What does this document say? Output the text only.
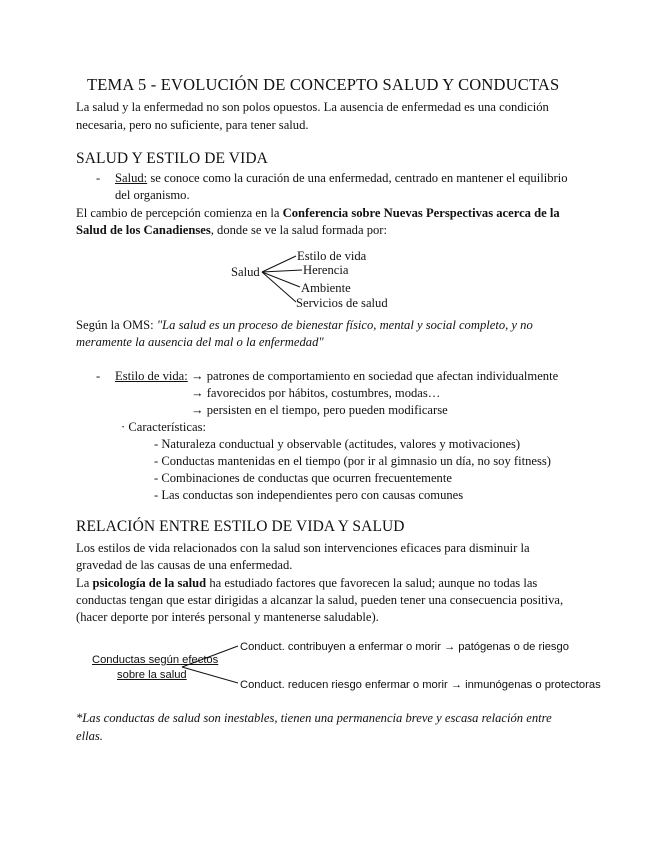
TEMA 5 - EVOLUCIÓN DE CONCEPTO SALUD Y CONDUCTAS
La salud y la enfermedad no son polos opuestos. La ausencia de enfermedad es una condición
necesaria, pero no suficiente, para tener salud.
SALUD Y ESTILO DE VIDA
- Salud: se conoce como la curación de una enfermedad, centrado en mantener el equilibrio
del organismo.
El cambio de percepción comienza en la Conferencia sobre Nuevas Perspectivas acerca de la
Salud de los Canadienses, donde se ve la salud formada por:
Salud
Estilo de vida
Herencia
Ambiente
Servicios de salud
Según la OMS: "La salud es un proceso de bienestar físico, mental y social completo, y no
meramente la ausencia del mal o la enfermedad"
- Estilo de vida: → patrones de comportamiento en sociedad que afectan individualmente
→ favorecidos por hábitos, costumbres, modas…
→ persisten en el tiempo, pero pueden modificarse
· Características:
- Naturaleza conductual y observable (actitudes, valores y motivaciones)
- Conductas mantenidas en el tiempo (por ir al gimnasio un día, no soy fitness)
- Combinaciones de conductas que ocurren frecuentemente
- Las conductas son independientes pero con causas comunes
RELACIÓN ENTRE ESTILO DE VIDA Y SALUD
Los estilos de vida relacionados con la salud son intervenciones eficaces para disminuir la
gravedad de las causas de una enfermedad.
La psicología de la salud ha estudiado factores que favorecen la salud; aunque no todas las
conductas tengan que estar dirigidas a alcanzar la salud, pueden tener una consecuencia positiva,
(hacer deporte por interés personal y mantenerse saludable).
Conductas según efectos
sobre la salud
Conduct. contribuyen a enfermar o morir → patógenas o de riesgo
Conduct. reducen riesgo enfermar o morir → inmunógenas o protectoras
*Las conductas de salud son inestables, tienen una permanencia breve y escasa relación entre
ellas.
